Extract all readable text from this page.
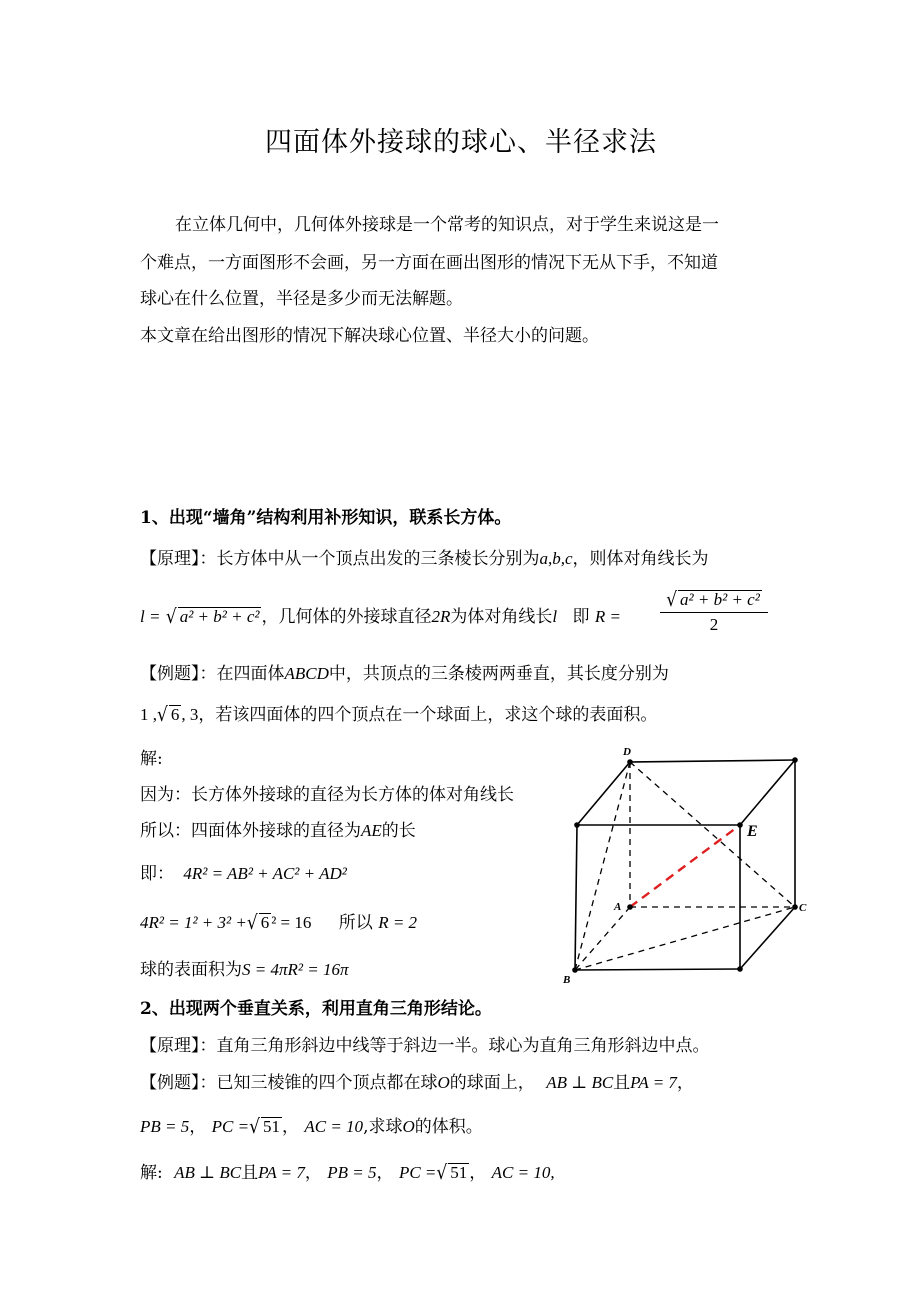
四面体外接球的球心、半径求法
在立体几何中，几何体外接球是一个常考的知识点，对于学生来说这是一
个难点，一方面图形不会画，另一方面在画出图形的情况下无从下手，不知道
球心在什么位置，半径是多少而无法解题。
本文章在给出图形的情况下解决球心位置、半径大小的问题。
1、出现“墙角”结构利用补形知识，联系长方体。
【原理】：长方体中从一个顶点出发的三条棱长分别为a,b,c，则体对角线长为
l = √ a² + b² + c² ，几何体的外接球直径2R为体对角线长l 即 $R = \frac{\text{√ a² + b² + c²}}{2}$
【例题】：在四面体ABCD中，共顶点的三条棱两两垂直，其长度分别为
1 ,√ 6 , 3，若该四面体的四个顶点在一个球面上，求这个球的表面积。
解:
因为：长方体外接球的直径为长方体的体对角线长
所以：四面体外接球的直径为AE的长
即： 4R² = AB² + AC² + AD²
4R² = 1² + 3² +√ 6 ² = 16 所以 R = 2
球的表面积为S = 4πR² = 16π
D
E
A	C
B
2、出现两个垂直关系，利用直角三角形结论。
【原理】：直角三角形斜边中线等于斜边一半。球心为直角三角形斜边中点。
【例题】：已知三棱锥的四个顶点都在球O的球面上， AB ⊥ BC且PA = 7，
PB = 5， PC =√ 51 ， AC = 10,求球O的体积。
解: AB ⊥ BC且PA = 7， PB = 5， PC =√ 51 ， AC = 10,
